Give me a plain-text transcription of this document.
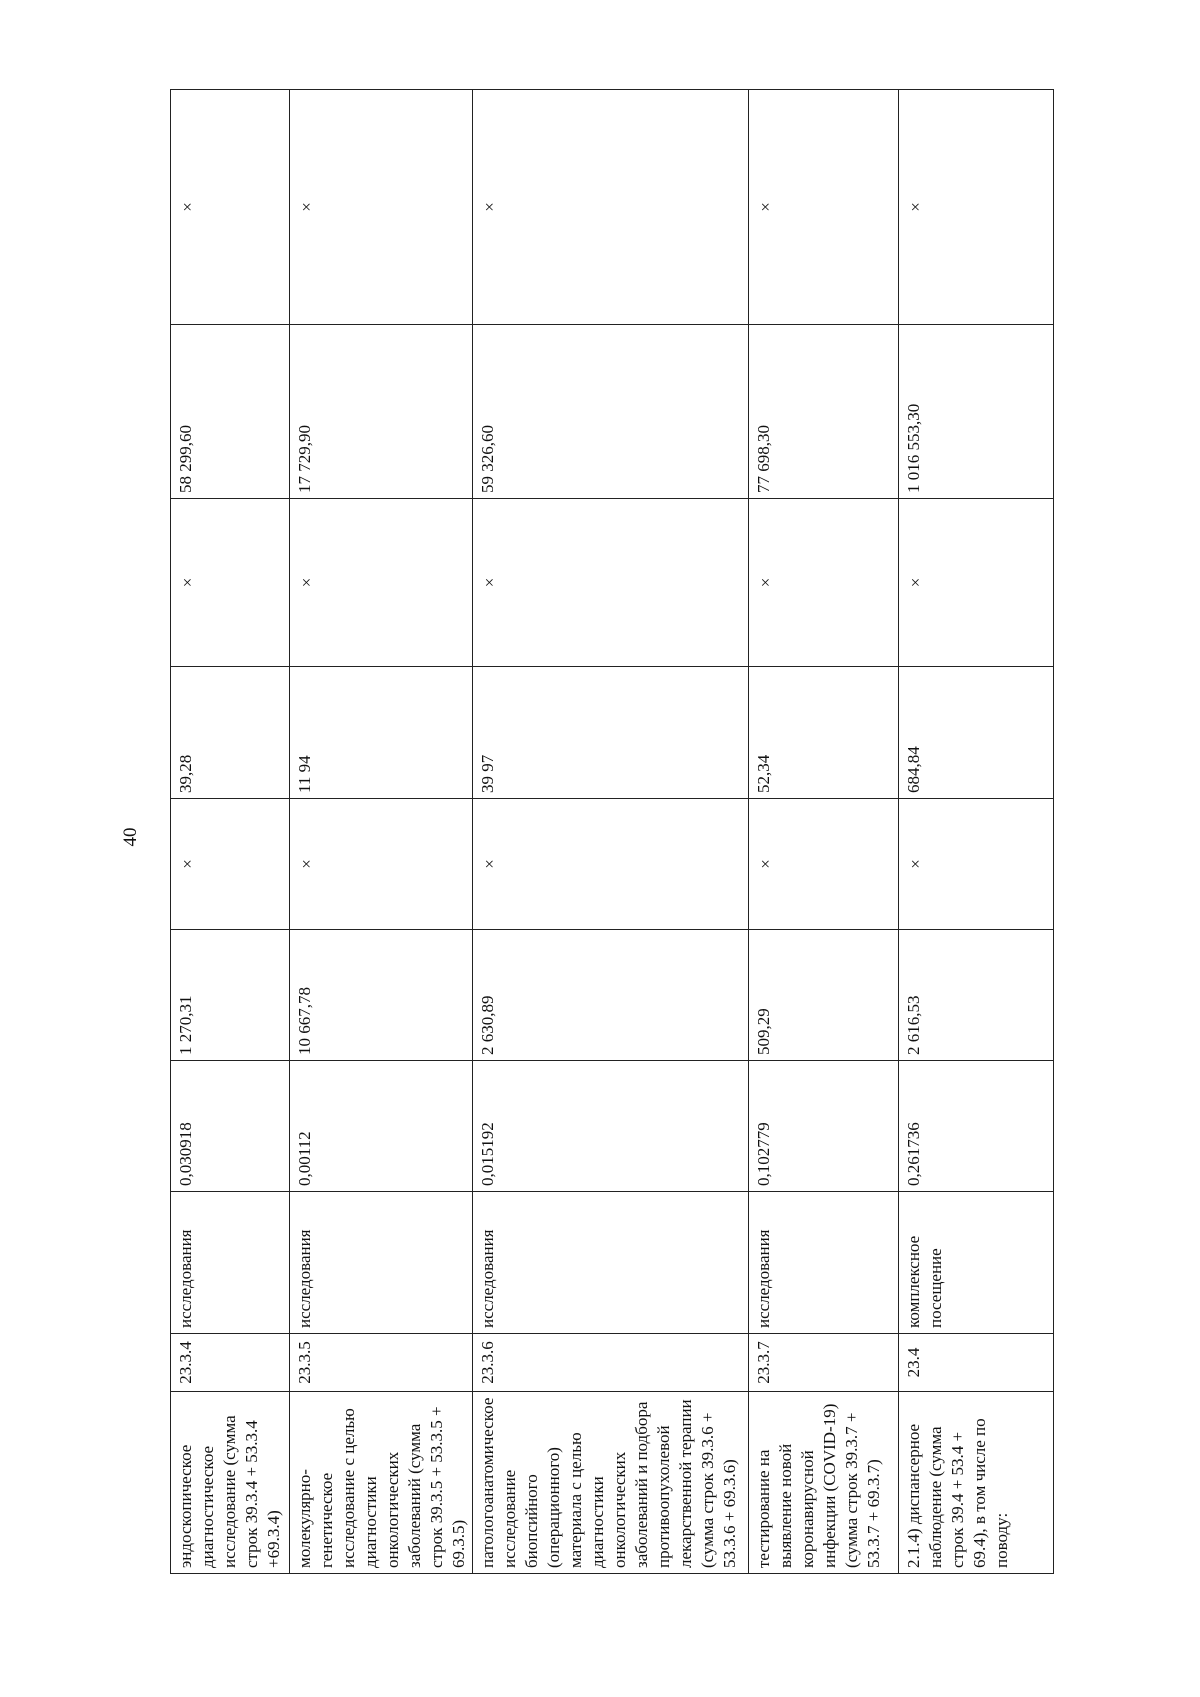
40
эндоскопическое диагностическое исследование (сумма строк 39.3.4 + 53.3.4 +69.3.4)	23.3.4	исследования	0,030918	1 270,31	×	39,28	×	58 299,60	×
молекулярно-генетическое исследование с целью диагностики онкологических заболеваний (сумма строк 39.3.5 + 53.3.5 + 69.3.5)	23.3.5	исследования	0,00112	10 667,78	×	11 94	×	17 729,90	×
патологоанатомическое исследование биопсийного (операционного) материала с целью диагностики онкологических заболеваний и подбора противоопухолевой лекарственной терапии (сумма строк 39.3.6 + 53.3.6 + 69.3.6)	23.3.6	исследования	0,015192	2 630,89	×	39 97	×	59 326,60	×
тестирование на выявление новой коронавирусной инфекции (COVID-19) (сумма строк 39.3.7 + 53.3.7 + 69.3.7)	23.3.7	исследования	0,102779	509,29	×	52,34	×	77 698,30	×
2.1.4) диспансерное наблюдение (сумма строк 39.4 + 53.4 + 69.4), в том числе по поводу:	23.4	комплексное посещение	0,261736	2 616,53	×	684,84	×	1 016 553,30	×
